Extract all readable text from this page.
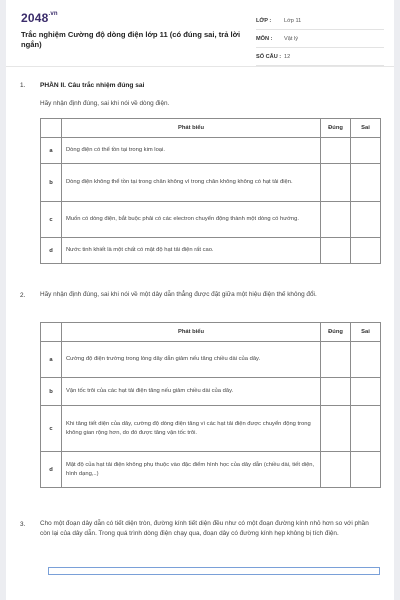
$2048^{.vn}$
Trắc nghiệm Cường độ dòng điện lớp 11 (có đúng sai, trả lời ngắn)
LỚP :	Lớp 11
MÔN :	Vật lý
SỐ CÂU : 12
1. PHẦN II. Câu trắc nhiệm đúng sai
Hãy nhận định đúng, sai khi nói về dòng điện.
	Phát biểu	Đúng	Sai
a	Dòng điện có thể tồn tại trong kim loại.		
b	Dòng điện không thể tồn tại trong chân không vì trong chân không không có hạt tải điện.		
c	Muốn có dòng điện, bắt buộc phải có các electron chuyển động thành một dòng có hướng.		
d	Nước tinh khiết là một chất có mật độ hạt tải điện rất cao.		
2. Hãy nhận định đúng, sai khi nói về một dây dẫn thẳng được đặt giữa một hiệu điện thế không đổi.
	Phát biểu	Đúng	Sai
a	Cường độ điện trường trong lòng dây dẫn giảm nếu tăng chiều dài của dây.		
b	Vận tốc trôi của các hạt tải điện tăng nếu giảm chiều dài của dây.		
c	Khi tăng tiết diện của dây, cường độ dòng điện tăng vì các hạt tải điện được chuyển động trong không gian rộng hơn, do đó được tăng vận tốc trôi.		
d	Mật độ của hạt tải điện không phụ thuộc vào đặc điểm hình học của dây dẫn (chiều dài, tiết diện, hình dạng,..)		
3. Cho một đoạn dây dẫn có tiết diện tròn, đường kính tiết diện đều như có một đoạn đường kính nhỏ hơn so với phần còn lại của dây dẫn. Trong quá trình dòng điện chạy qua, đoạn dây có đường kính hẹp không bị tích điện.
